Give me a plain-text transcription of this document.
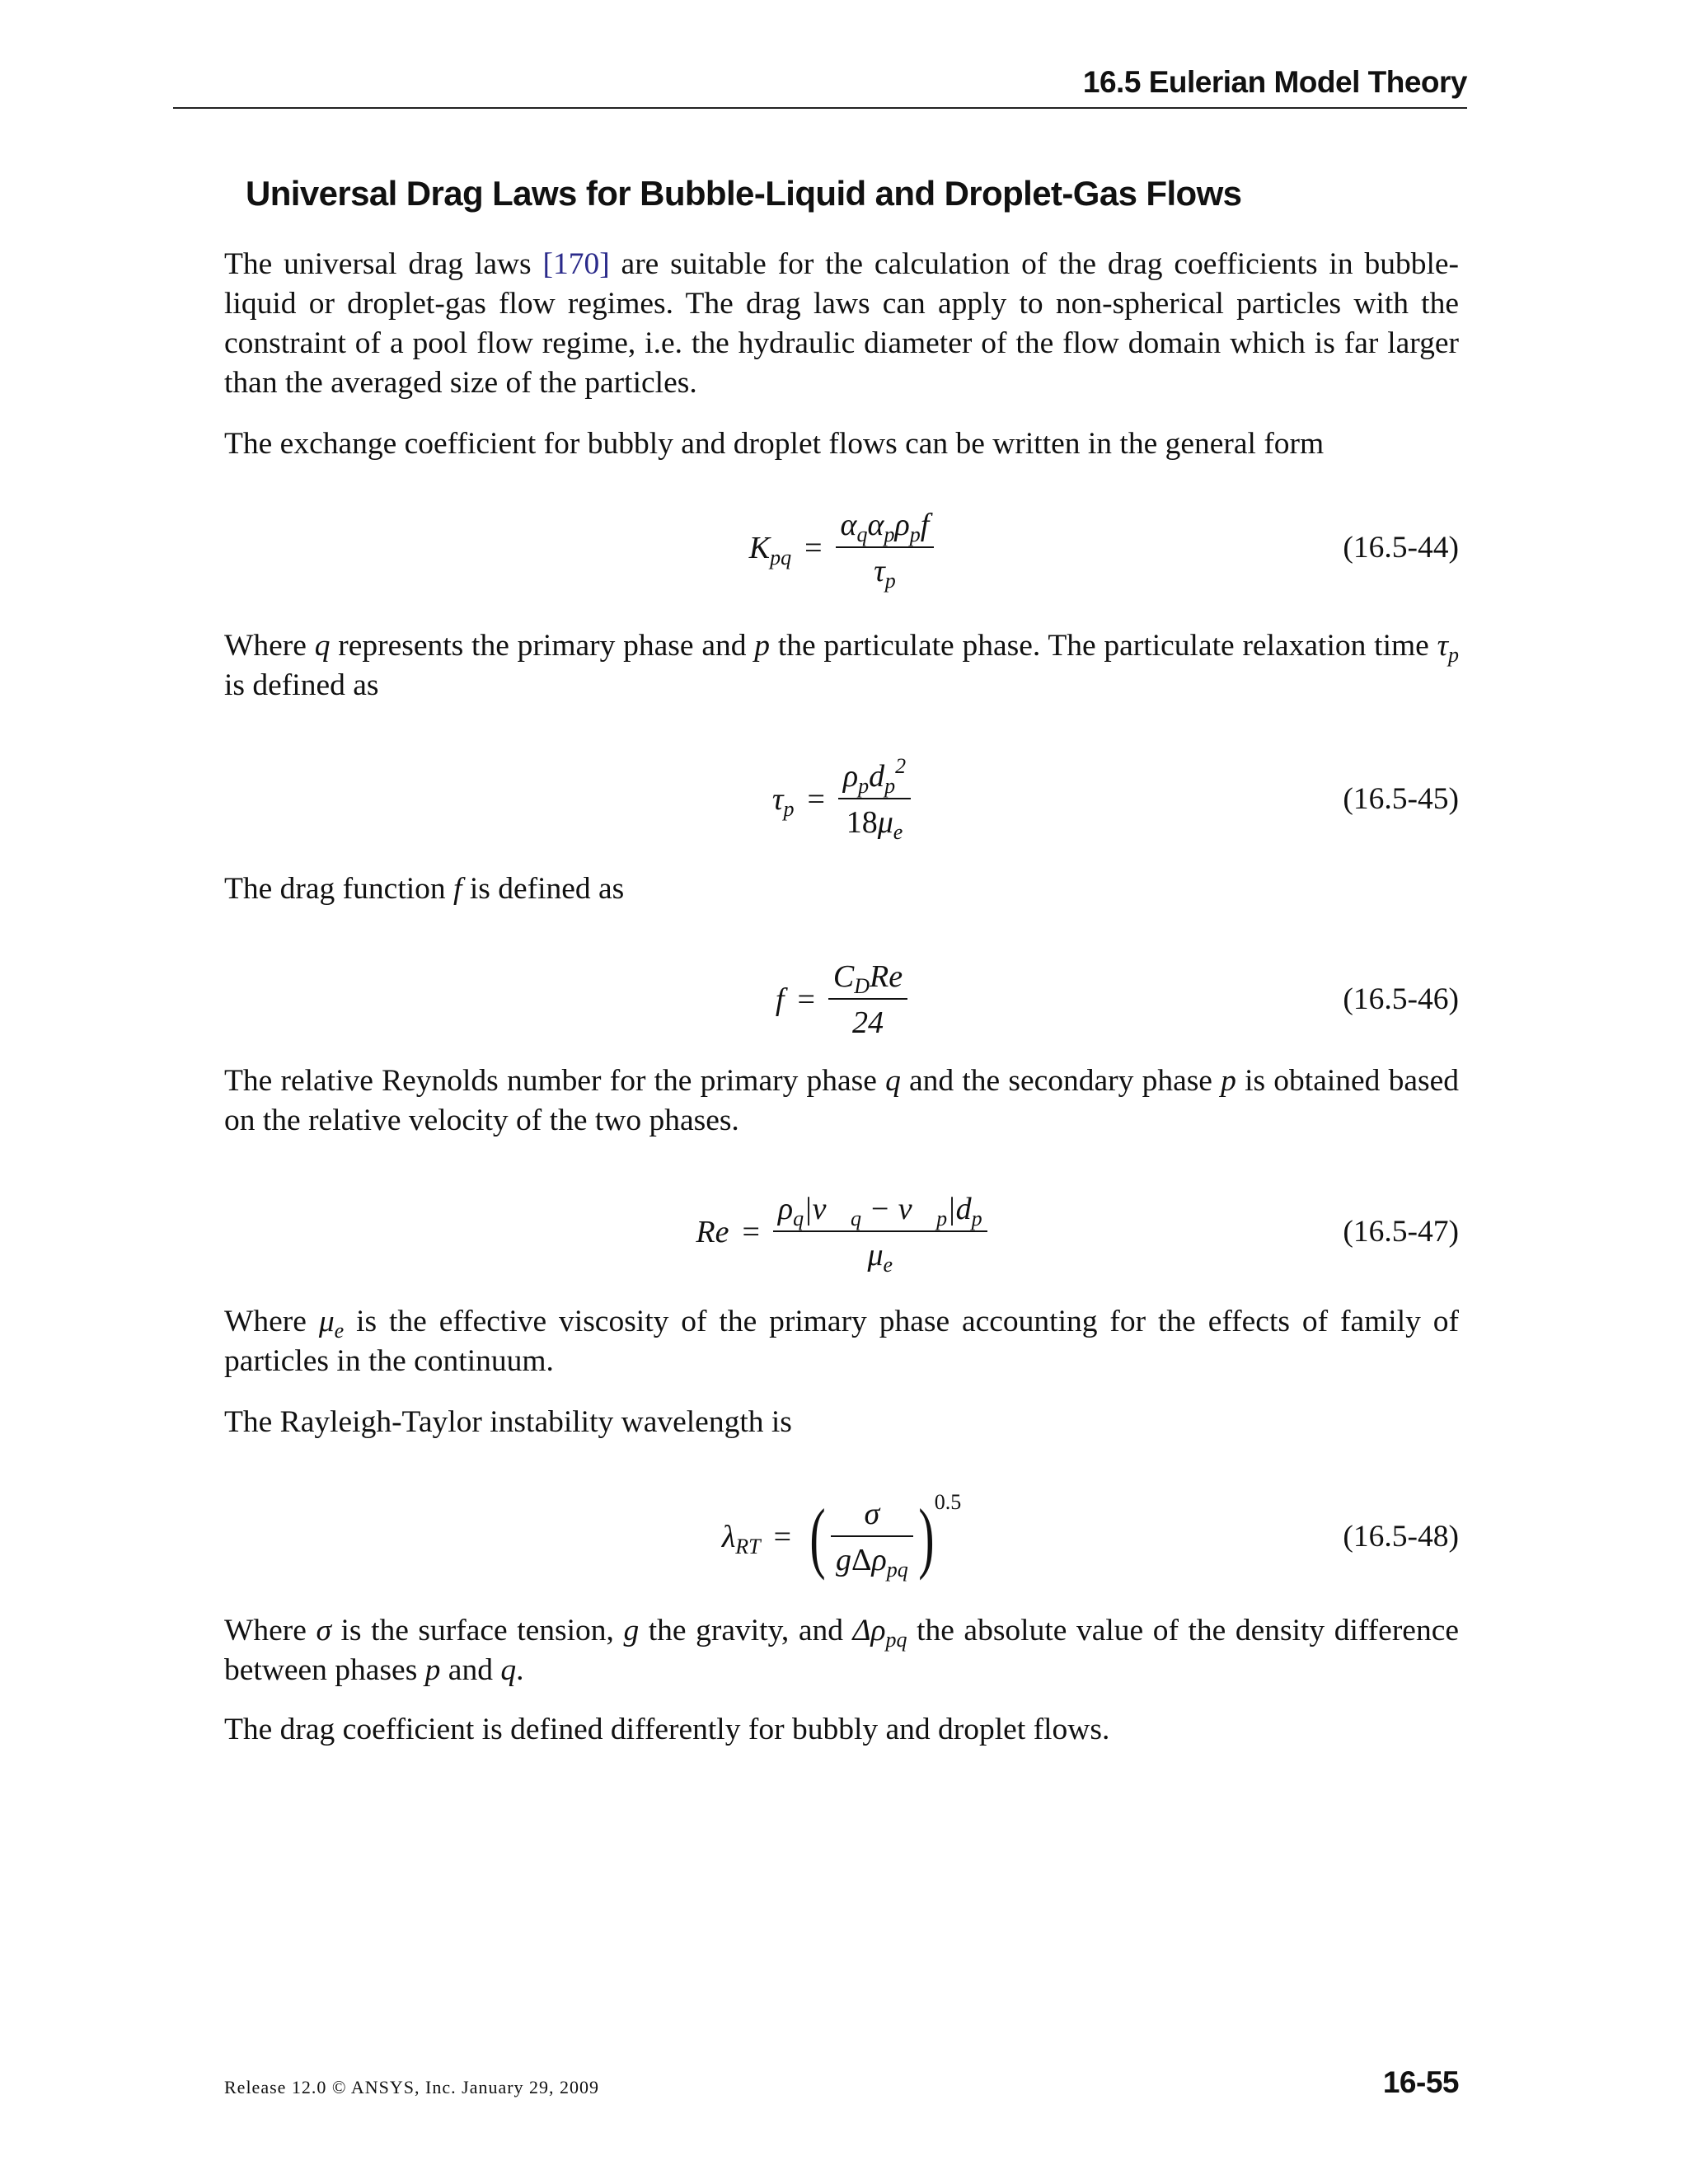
16.5 Eulerian Model Theory
Universal Drag Laws for Bubble-Liquid and Droplet-Gas Flows

The universal drag laws [170] are suitable for the calculation of the drag coefficients in bubble-liquid or droplet-gas flow regimes. The drag laws can apply to non-spherical particles with the constraint of a pool flow regime, i.e. the hydraulic diameter of the flow domain which is far larger than the averaged size of the particles.

The exchange coefficient for bubbly and droplet flows can be written in the general form

$K_{pq} = \frac{\alpha_q\alpha_p\rho_pf}{\tau_p}$	(16.5-44)

Where q represents the primary phase and p the particulate phase. The particulate relaxation time $\tau_p$ is defined as

$\tau_p = \frac{\rho_pd_p^2}{18\mu_e}$	(16.5-45)

The drag function f is defined as

$f = \frac{C_DRe}{24}$	(16.5-46)

The relative Reynolds number for the primary phase q and the secondary phase p is obtained based on the relative velocity of the two phases.

$Re = \frac{\rho_q|v⃗_q - v⃗_p|d_p}{\mu_e}$	(16.5-47)

Where $\mu_e$ is the effective viscosity of the primary phase accounting for the effects of family of particles in the continuum.

The Rayleigh-Taylor instability wavelength is

$\lambda_{RT}$ = ( $\frac{\sigma}{g\Delta\rho_{pq}}$ ) 0.5
(16.5-48)

Where σ is the surface tension, g the gravity, and $\Delta\rho_{pq}$ the absolute value of the density difference between phases p and q.

The drag coefficient is defined differently for bubbly and droplet flows.

Release 12.0 © ANSYS, Inc. January 29, 2009	16-55
